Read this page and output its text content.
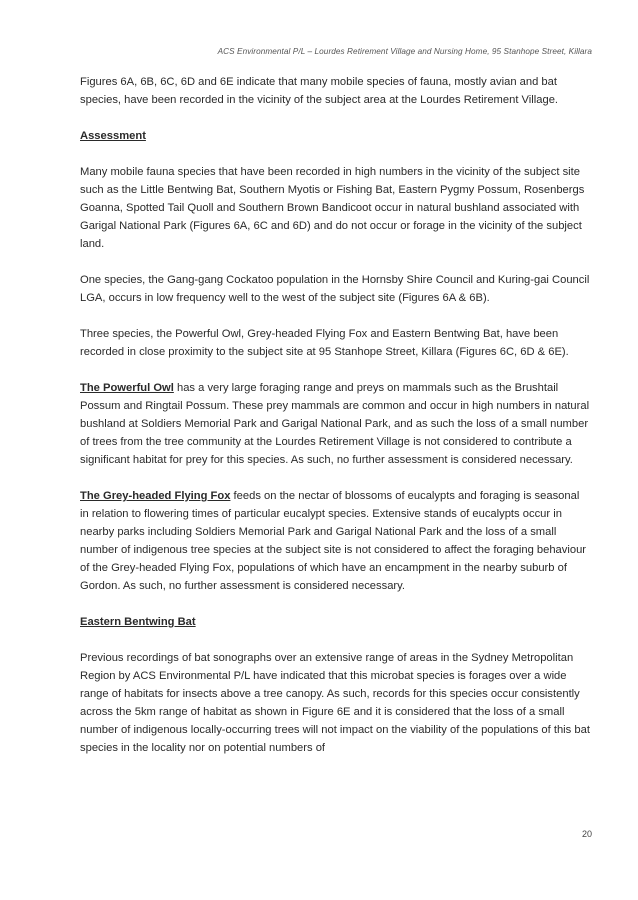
ACS Environmental P/L – Lourdes Retirement Village and Nursing Home, 95 Stanhope Street, Killara

Figures 6A, 6B, 6C, 6D and 6E indicate that many mobile species of fauna, mostly avian and bat species, have been recorded in the vicinity of the subject area at the Lourdes Retirement Village.

Assessment

Many mobile fauna species that have been recorded in high numbers in the vicinity of the subject site such as the Little Bentwing Bat, Southern Myotis or Fishing Bat, Eastern Pygmy Possum, Rosenbergs Goanna, Spotted Tail Quoll and Southern Brown Bandicoot occur in natural bushland associated with Garigal National Park (Figures 6A, 6C and 6D) and do not occur or forage in the vicinity of the subject land.

One species, the Gang-gang Cockatoo population in the Hornsby Shire Council and Kuring-gai Council LGA, occurs in low frequency well to the west of the subject site (Figures 6A & 6B).

Three species, the Powerful Owl, Grey-headed Flying Fox and Eastern Bentwing Bat, have been recorded in close proximity to the subject site at 95 Stanhope Street, Killara (Figures 6C, 6D & 6E).

The Powerful Owl has a very large foraging range and preys on mammals such as the Brushtail Possum and Ringtail Possum. These prey mammals are common and occur in high numbers in natural bushland at Soldiers Memorial Park and Garigal National Park, and as such the loss of a small number of trees from the tree community at the Lourdes Retirement Village is not considered to contribute a significant habitat for prey for this species. As such, no further assessment is considered necessary.

The Grey-headed Flying Fox feeds on the nectar of blossoms of eucalypts and foraging is seasonal in relation to flowering times of particular eucalypt species. Extensive stands of eucalypts occur in nearby parks including Soldiers Memorial Park and Garigal National Park and the loss of a small number of indigenous tree species at the subject site is not considered to affect the foraging behaviour of the Grey-headed Flying Fox, populations of which have an encampment in the nearby suburb of Gordon. As such, no further assessment is considered necessary.

Eastern Bentwing Bat

Previous recordings of bat sonographs over an extensive range of areas in the Sydney Metropolitan Region by ACS Environmental P/L have indicated that this microbat species is forages over a wide range of habitats for insects above a tree canopy. As such, records for this species occur consistently across the 5km range of habitat as shown in Figure 6E and it is considered that the loss of a small number of indigenous locally-occurring trees will not impact on the viability of the populations of this bat species in the locality nor on potential numbers of

20
